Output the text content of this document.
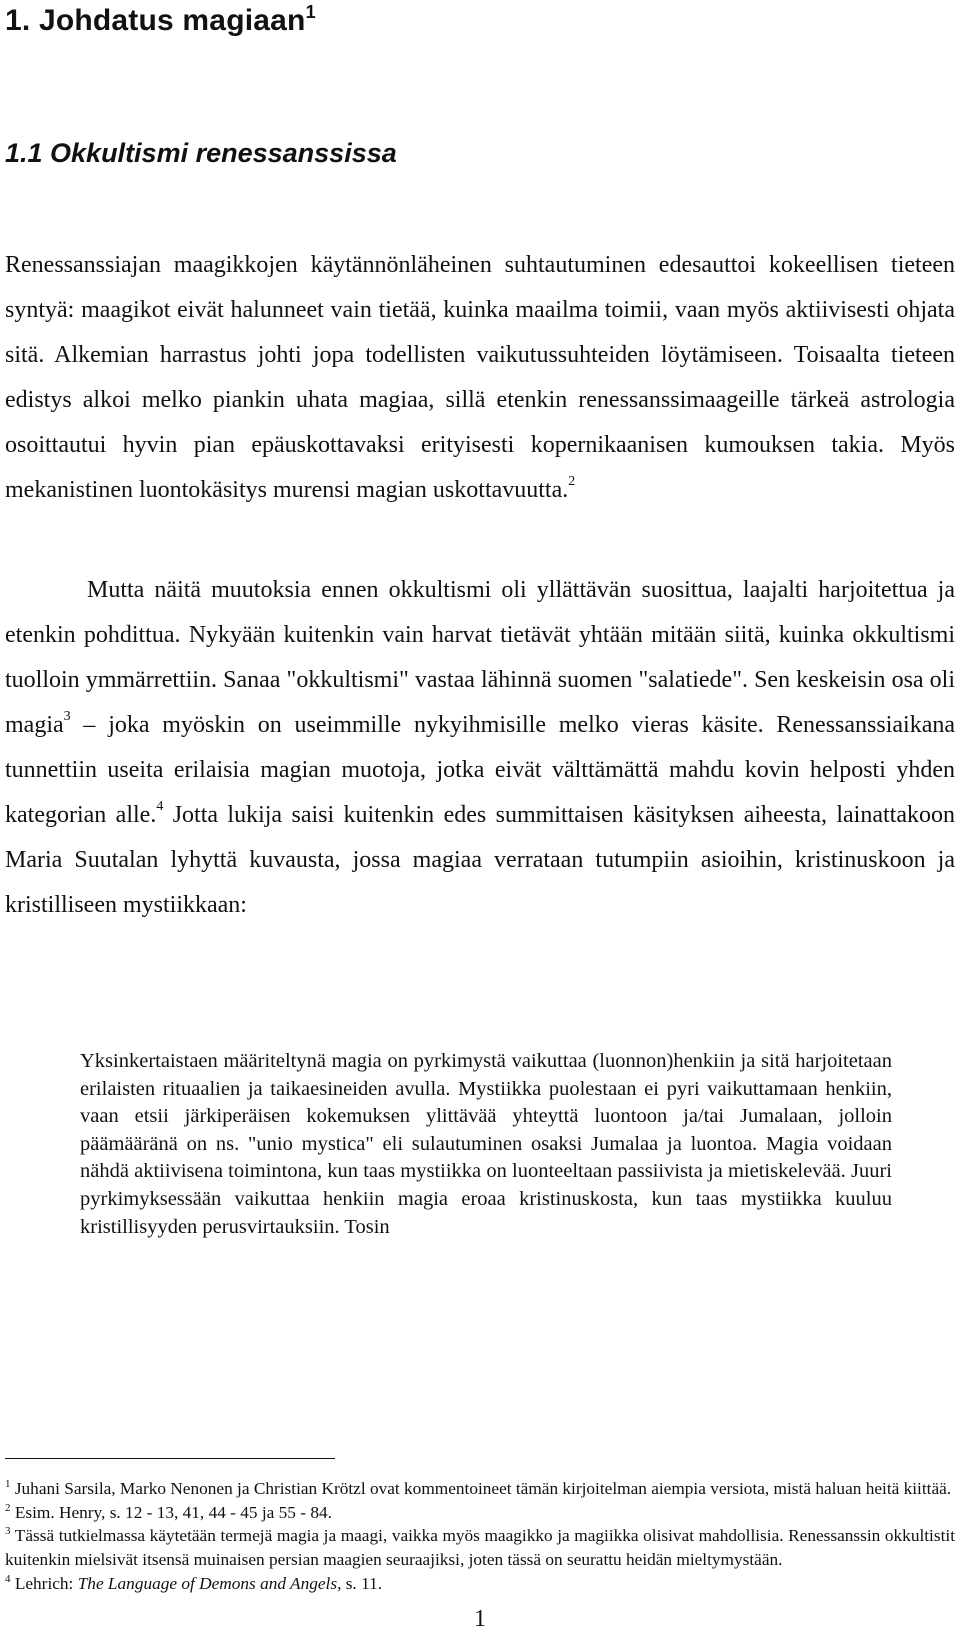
1. Johdatus magiaan$^1$
1.1 Okkultismi renessanssissa

Renessanssiajan maagikkojen käytännönläheinen suhtautuminen edesauttoi kokeellisen tieteen syntyä: maagikot eivät halunneet vain tietää, kuinka maailma toimii, vaan myös aktiivisesti ohjata sitä. Alkemian harrastus johti jopa todellisten vaikutussuhteiden löytämiseen. Toisaalta tieteen edistys alkoi melko piankin uhata magiaa, sillä etenkin renessanssimaageille tärkeä astrologia osoittautui hyvin pian epäuskottavaksi erityisesti kopernikaanisen kumouksen takia. Myös mekanistinen luontokäsitys murensi magian uskottavuutta.$^2$

Mutta näitä muutoksia ennen okkultismi oli yllättävän suosittua, laajalti harjoitettua ja etenkin pohdittua. Nykyään kuitenkin vain harvat tietävät yhtään mitään siitä, kuinka okkultismi tuolloin ymmärrettiin. Sanaa "okkultismi" vastaa lähinnä suomen "salatiede". Sen keskeisin osa oli magia$^3$ – joka myöskin on useimmille nykyihmisille melko vieras käsite. Renessanssiaikana tunnettiin useita erilaisia magian muotoja, jotka eivät välttämättä mahdu kovin helposti yhden kategorian alle.$^4$ Jotta lukija saisi kuitenkin edes summittaisen käsityksen aiheesta, lainattakoon Maria Suutalan lyhyttä kuvausta, jossa magiaa verrataan tutumpiin asioihin, kristinuskoon ja kristilliseen mystiikkaan:

Yksinkertaistaen määriteltynä magia on pyrkimystä vaikuttaa (luonnon)henkiin ja sitä harjoitetaan erilaisten rituaalien ja taikaesineiden avulla. Mystiikka puolestaan ei pyri vaikuttamaan henkiin, vaan etsii järkiperäisen kokemuksen ylittävää yhteyttä luontoon ja/tai Jumalaan, jolloin päämääränä on ns. "unio mystica" eli sulautuminen osaksi Jumalaa ja luontoa. Magia voidaan nähdä aktiivisena toimintona, kun taas mystiikka on luonteeltaan passiivista ja mietiskelevää. Juuri pyrkimyksessään vaikuttaa henkiin magia eroaa kristinuskosta, kun taas mystiikka kuuluu kristillisyyden perusvirtauksiin. Tosin

$^1$ Juhani Sarsila, Marko Nenonen ja Christian Krötzl ovat kommentoineet tämän kirjoitelman aiempia versiota, mistä haluan heitä kiittää.

$^2$ Esim. Henry, s. 12 - 13, 41, 44 - 45 ja 55 - 84.

$^3$ Tässä tutkielmassa käytetään termejä magia ja maagi, vaikka myös maagikko ja magiikka olisivat mahdollisia. Renessanssin okkultistit kuitenkin mielsivät itsensä muinaisen persian maagien seuraajiksi, joten tässä on seurattu heidän mieltymystään.

$^4$ Lehrich: The Language of Demons and Angels, s. 11.

1
